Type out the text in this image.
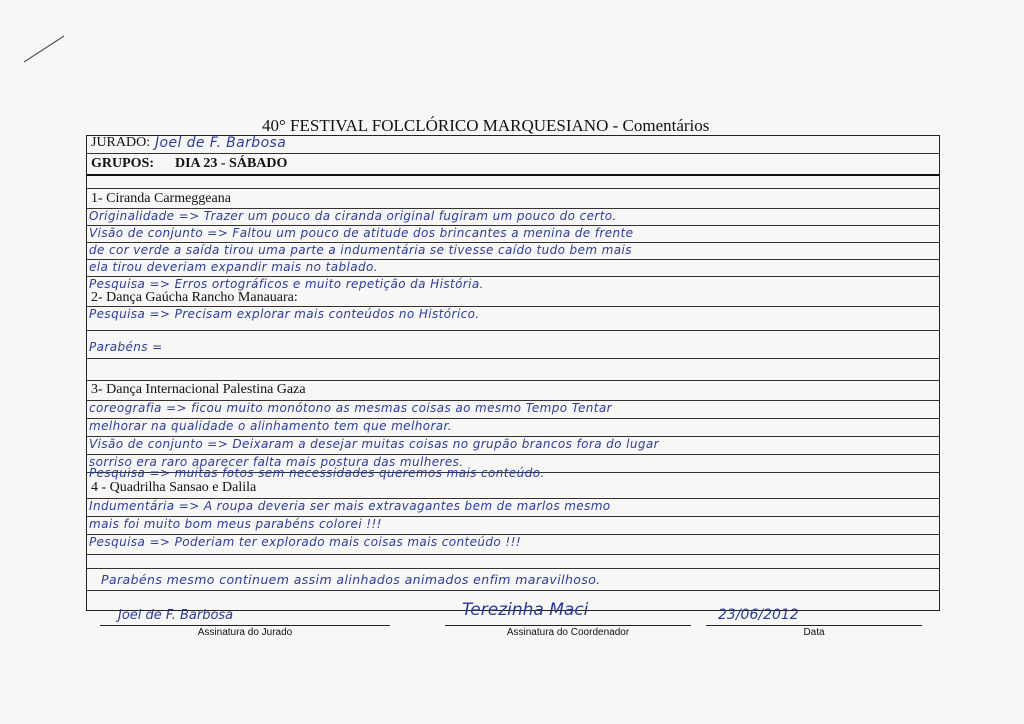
40° FESTIVAL FOLCLÓRICO MARQUESIANO - Comentários
JURADO: Joel de F. Barbosa
GRUPOS: DIA 23 - SÁBADO
1- Ciranda Carmeggeana
Originalidade => Trazer um pouco da ciranda original fugiram um pouco do certo.
Visão de conjunto => Faltou um pouco de atitude dos brincantes a menina de frente
de cor verde a saída tirou uma parte a indumentária se tivesse caído tudo bem mais
ela tirou deveriam expandir mais no tablado.
Pesquisa => Erros ortográficos e muito repetição da História.
2- Dança Gaúcha Rancho Manauara:
Pesquisa => Precisam explorar mais conteúdos no Histórico.
Parabéns =
3- Dança Internacional Palestina Gaza
coreografia => ficou muito monótono as mesmas coisas ao mesmo Tempo Tentar
melhorar na qualidade o alinhamento tem que melhorar.
Visão de conjunto => Deixaram a desejar muitas coisas no grupão brancos fora do lugar
sorriso era raro aparecer falta mais postura das mulheres.
Pesquisa => muitas fotos sem necessidades queremos mais conteúdo.
4 - Quadrilha Sansao e Dalila
Indumentária => A roupa deveria ser mais extravagantes bem de marlos mesmo
mais foi muito bom meus parabéns colorei !!!
Pesquisa => Poderiam ter explorado mais coisas mais conteúdo !!!
Parabéns mesmo continuem assim alinhados animados enfim maravilhoso.
Joel de F. Barbosa
Assinatura do Jurado
Terezinha Maci
Assinatura do Coordenador
23/06/2012
Data
